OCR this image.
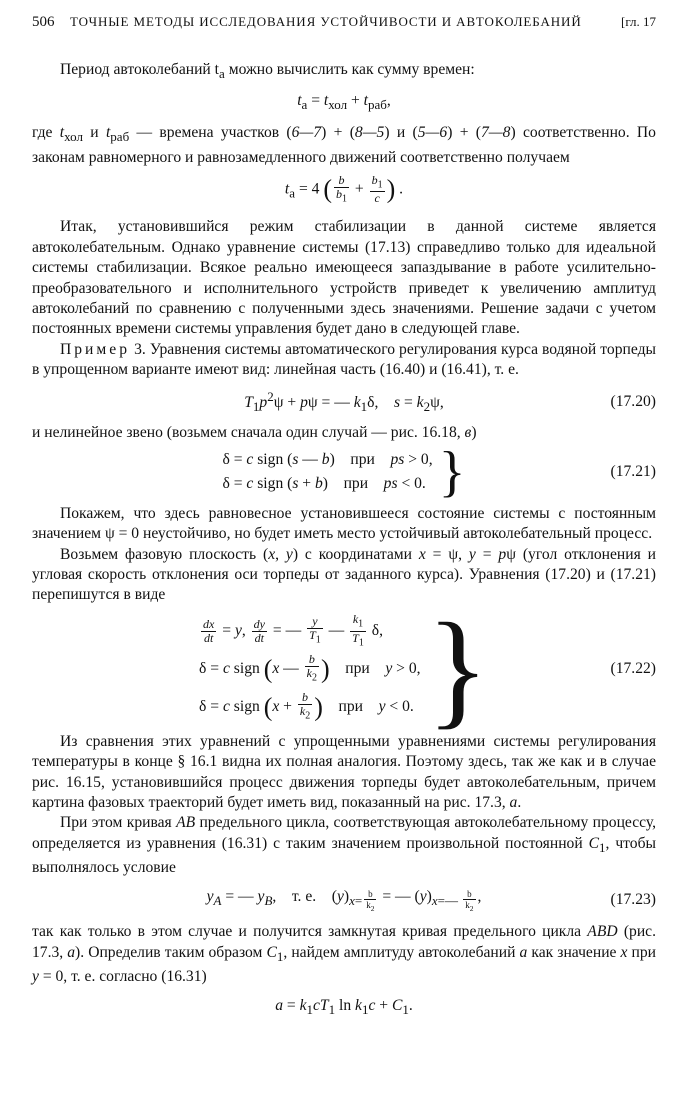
506	ТОЧНЫЕ МЕТОДЫ ИССЛЕДОВАНИЯ УСТОЙЧИВОСТИ И АВТОКОЛЕБАНИЙ	[гл. 17

Период автоколебаний $t_а$ можно вычислить как сумму времен:

$t_а = t_{хол} + t_{раб}$,

где $t_{хол}$ и $t_{раб}$ — времена участков (6—7) + (8—5) и (5—6) + (7—8) соответственно. По законам равномерного и равнозамедленного движений соответственно получаем

$t_а = 4$ ( $\frac{b}{b_1} + \frac{b_1}{c}$ ) .

Итак, установившийся режим стабилизации в данной системе является автоколебательным. Однако уравнение системы (17.13) справедливо только для идеальной системы стабилизации. Всякое реально имеющееся запаздывание в работе усилительно-преобразовательного и исполнительного устройств приведет к увеличению амплитуд автоколебаний по сравнению с полученными здесь значениями. Решение задачи с учетом постоянных времени системы управления будет дано в следующей главе.

Пример 3. Уравнения системы автоматического регулирования курса водяной торпеды в упрощенном варианте имеют вид: линейная часть (16.40) и (16.41), т. е.

$T_1p^2\psi + p\psi$ = — $k_1\delta$,    $s = k_2\psi$,	(17.20)

и нелинейное звено (возьмем сначала один случай — рис. 16.18, в)

δ = c sign (s — b)    при    ps > 0,
δ = c sign (s + b)    при    ps < 0. }	(17.21)

Покажем, что здесь равновесное установившееся состояние системы с постоянным значением ψ = 0 неустойчиво, но будет иметь место устойчивый автоколебательный процесс.

Возьмем фазовую плоскость (x, y) с координатами x = ψ, y = pψ (угол отклонения и угловая скорость отклонения оси торпеды от заданного курса). Уравнения (17.20) и (17.21) перепишутся в виде

$\frac{dx}{dt} = y$, $\frac{dy}{dt}$ = — $\frac{y}{T_1}$ — $\frac{k_1}{T_1} \delta$,
δ = c sign (x — $\frac{b}{k_2}$ )    при    y > 0,
δ = c sign ($x + \frac{b}{k_2}$ )    при    y < 0. }	(17.22)

Из сравнения этих уравнений с упрощенными уравнениями системы регулирования температуры в конце § 16.1 видна их полная аналогия. Поэтому здесь, так же как и в случае рис. 16.15, установившийся процесс движения торпеды будет автоколебательным, причем картина фазовых траекторий будет иметь вид, показанный на рис. 17.3, а.

При этом кривая AB предельного цикла, соответствующая автоколебательному процессу, определяется из уравнения (16.31) с таким значением произвольной постоянной $C_1$, чтобы выполнялось условие

$y_A$ = — $y_B$,    т. е.    $(y)_{x= \frac{b}{k_2}}$ = — $(y)_{x=— \frac{b}{k_2}}$ ,	(17.23)

так как только в этом случае и получится замкнутая кривая предельного цикла ABD (рис. 17.3, а). Определив таким образом $C_1$, найдем амплитуду автоколебаний a как значение x при y = 0, т. е. согласно (16.31)

$a = k_1cT_1$ $\ln k_1c + C_1$.
